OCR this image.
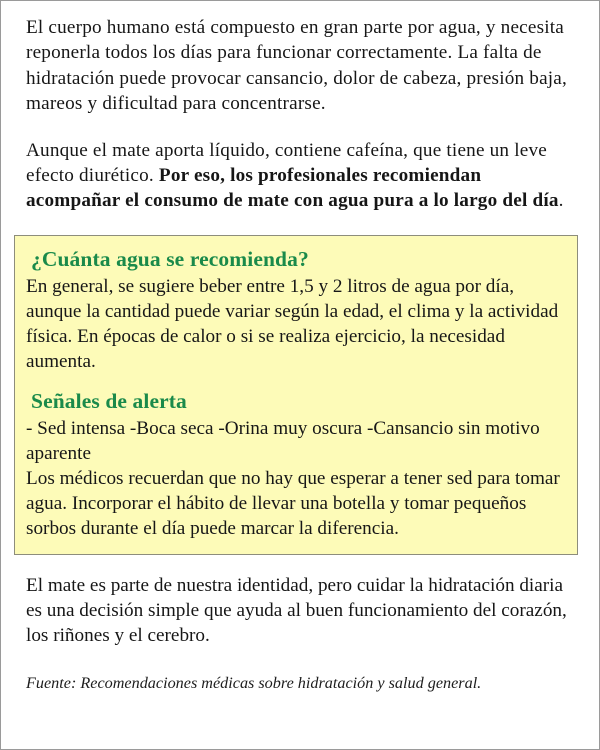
El cuerpo humano está compuesto en gran parte por agua, y necesita reponerla todos los días para funcionar correctamente. La falta de hidratación puede provocar cansancio, dolor de cabeza, presión baja, mareos y dificultad para concentrarse.

Aunque el mate aporta líquido, contiene cafeína, que tiene un leve efecto diurético. Por eso, los profesionales recomiendan acompañar el consumo de mate con agua pura a lo largo del día.

¿Cuánta agua se recomienda?

En general, se sugiere beber entre 1,5 y 2 litros de agua por día, aunque la cantidad puede variar según la edad, el clima y la actividad física. En épocas de calor o si se realiza ejercicio, la necesidad aumenta.

Señales de alerta

- Sed intensa -Boca seca -Orina muy oscura -Cansancio sin motivo aparente

Los médicos recuerdan que no hay que esperar a tener sed para tomar agua. Incorporar el hábito de llevar una botella y tomar pequeños sorbos durante el día puede marcar la diferencia.

El mate es parte de nuestra identidad, pero cuidar la hidratación diaria es una decisión simple que ayuda al buen funcionamiento del corazón, los riñones y el cerebro.

Fuente: Recomendaciones médicas sobre hidratación y salud general.
